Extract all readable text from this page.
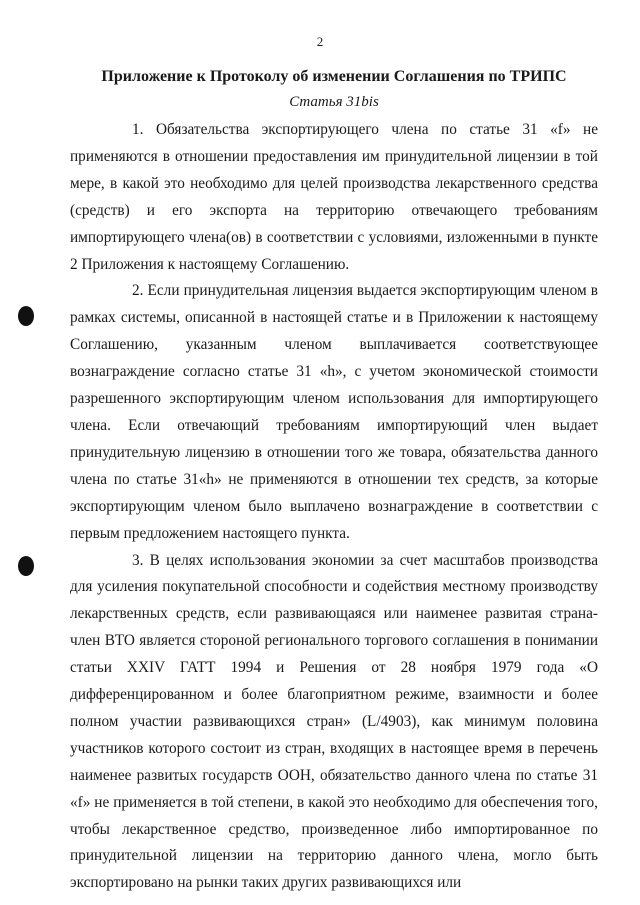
2
Приложение к Протоколу об изменении Соглашения по ТРИПС
Статья 31bis

1. Обязательства экспортирующего члена по статье 31 «f» не применяются в отношении предоставления им принудительной лицензии в той мере, в какой это необходимо для целей производства лекарственного средства (средств) и его экспорта на территорию отвечающего требованиям импортирующего члена(ов) в соответствии с условиями, изложенными в пункте 2 Приложения к настоящему Соглашению.

2. Если принудительная лицензия выдается экспортирующим членом в рамках системы, описанной в настоящей статье и в Приложении к настоящему Соглашению, указанным членом выплачивается соответствующее вознаграждение согласно статье 31 «h», с учетом экономической стоимости разрешенного экспортирующим членом использования для импортирующего члена. Если отвечающий требованиям импортирующий член выдает принудительную лицензию в отношении того же товара, обязательства данного члена по статье 31«h» не применяются в отношении тех средств, за которые экспортирующим членом было выплачено вознаграждение в соответствии с первым предложением настоящего пункта.

3. В целях использования экономии за счет масштабов производства для усиления покупательной способности и содействия местному производству лекарственных средств, если развивающаяся или наименее развитая страна-член ВТО является стороной регионального торгового соглашения в понимании статьи XXIV ГАТТ 1994 и Решения от 28 ноября 1979 года «О дифференцированном и более благоприятном режиме, взаимности и более полном участии развивающихся стран» (L/4903), как минимум половина участников которого состоит из стран, входящих в настоящее время в перечень наименее развитых государств ООН, обязательство данного члена по статье 31 «f» не применяется в той степени, в какой это необходимо для обеспечения того, чтобы лекарственное средство, произведенное либо импортированное по принудительной лицензии на территорию данного члена, могло быть экспортировано на рынки таких других развивающихся или
